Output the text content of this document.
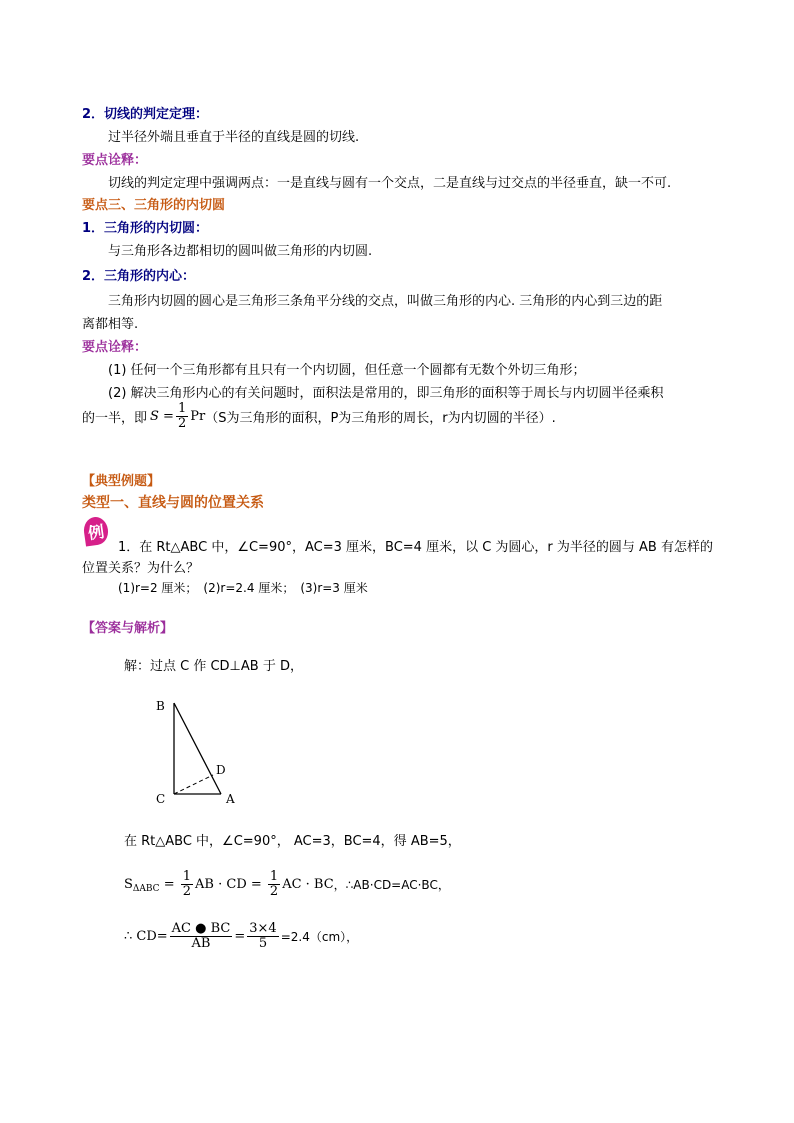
2．切线的判定定理：
过半径外端且垂直于半径的直线是圆的切线.
要点诠释：
切线的判定定理中强调两点：一是直线与圆有一个交点，二是直线与过交点的半径垂直，缺一不可.
要点三、三角形的内切圆
1．三角形的内切圆：
与三角形各边都相切的圆叫做三角形的内切圆.
2．三角形的内心：
三角形内切圆的圆心是三角形三条角平分线的交点，叫做三角形的内心. 三角形的内心到三边的距
离都相等.
要点诠释：
(1) 任何一个三角形都有且只有一个内切圆，但任意一个圆都有无数个外切三角形；
(2) 解决三角形内心的有关问题时，面积法是常用的，即三角形的面积等于周长与内切圆半径乘积
的一半，即 $S = \frac{1}{2}$ Pr （S为三角形的面积，P为三角形的周长，r为内切圆的半径）.
【典型例题】
类型一、直线与圆的位置关系
例
1．在 Rt△ABC 中，∠C=90°，AC=3 厘米，BC=4 厘米，以 C 为圆心，r 为半径的圆与 AB 有怎样的
位置关系？为什么？
(1)r=2 厘米；　(2)r=2.4 厘米；　(3)r=3 厘米
【答案与解析】
解：过点 C 作 CD⊥AB 于 D，
B
C	A
D
在 Rt△ABC 中，∠C=90°， AC=3，BC=4，得 AB=5，
S $\Delta ABC = \frac{1}{2}$ AB · CD = $\frac{1}{2}$ AC · BC ，∴AB·CD=AC·BC，
∴ $CD= \frac{AC ● BC}{AB} = \frac{3\times 4}{5} =2.4(cm)$，
